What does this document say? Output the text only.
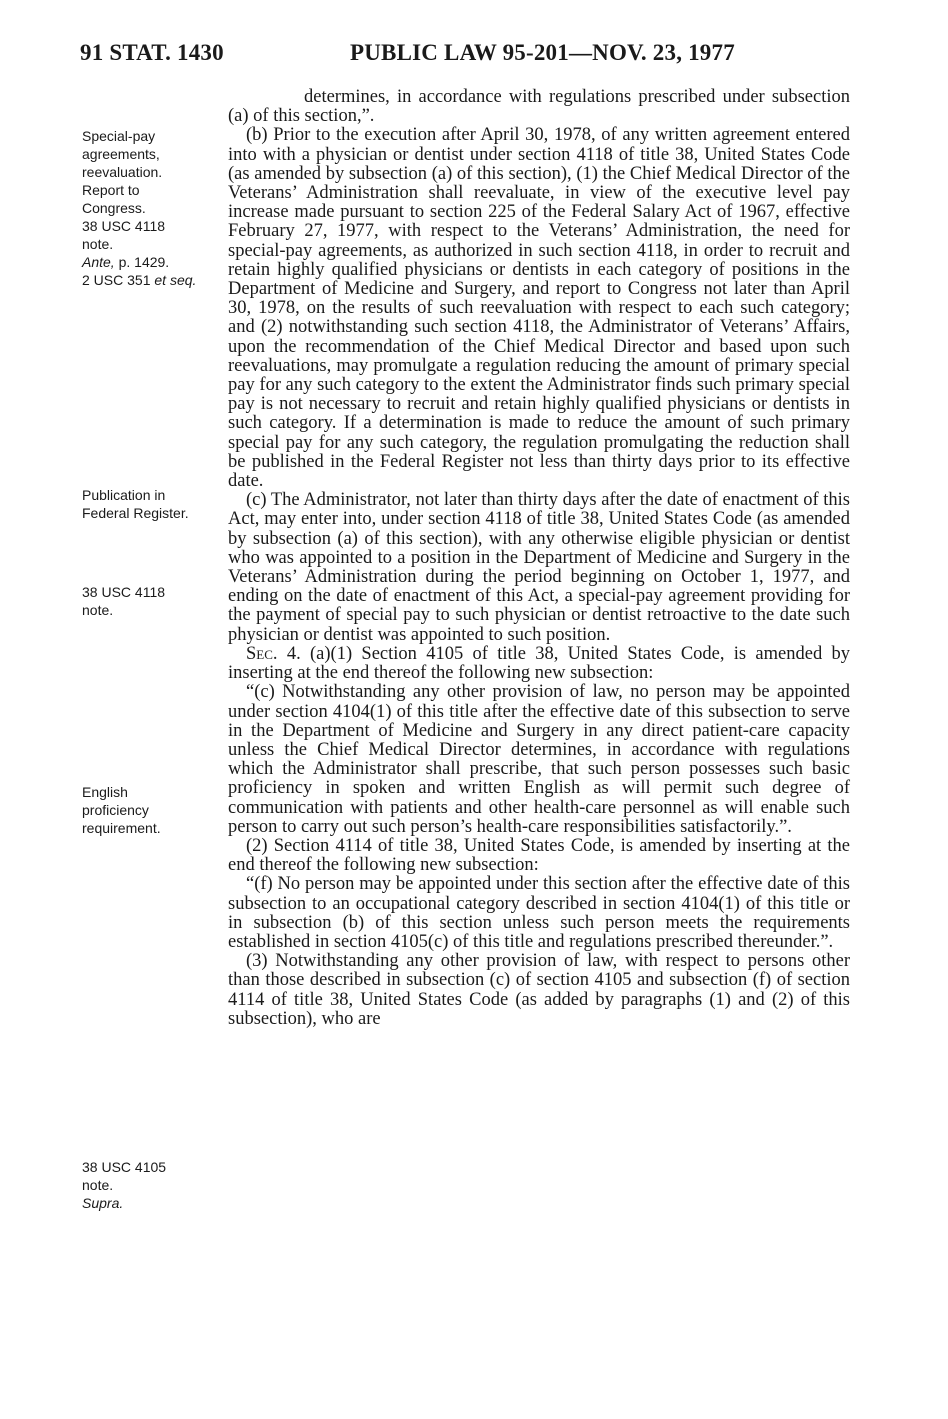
91 STAT. 1430	PUBLIC LAW 95-201—NOV. 23, 1977
Special-pay
agreements,
reevaluation.
Report to
Congress.
38 USC 4118
note.
Ante, p. 1429.
2 USC 351 et seq.
Publication in
Federal Register.
38 USC 4118
note.
English
proficiency
requirement.
38 USC 4105
note.
Supra.

determines, in accordance with regulations prescribed under subsection (a) of this section,”.

(b) Prior to the execution after April 30, 1978, of any written agreement entered into with a physician or dentist under section 4118 of title 38, United States Code (as amended by subsection (a) of this section), (1) the Chief Medical Director of the Veterans’ Administration shall reevaluate, in view of the executive level pay increase made pursuant to section 225 of the Federal Salary Act of 1967, effective February 27, 1977, with respect to the Veterans’ Administration, the need for special-pay agreements, as authorized in such section 4118, in order to recruit and retain highly qualified physicians or dentists in each category of positions in the Department of Medicine and Surgery, and report to Congress not later than April 30, 1978, on the results of such reevaluation with respect to each such category; and (2) notwithstanding such section 4118, the Administrator of Veterans’ Affairs, upon the recommendation of the Chief Medical Director and based upon such reevaluations, may promulgate a regulation reducing the amount of primary special pay for any such category to the extent the Administrator finds such primary special pay is not necessary to recruit and retain highly qualified physicians or dentists in such category. If a determination is made to reduce the amount of such primary special pay for any such category, the regulation promulgating the reduction shall be published in the Federal Register not less than thirty days prior to its effective date.

(c) The Administrator, not later than thirty days after the date of enactment of this Act, may enter into, under section 4118 of title 38, United States Code (as amended by subsection (a) of this section), with any otherwise eligible physician or dentist who was appointed to a position in the Department of Medicine and Surgery in the Veterans’ Administration during the period beginning on October 1, 1977, and ending on the date of enactment of this Act, a special-pay agreement providing for the payment of special pay to such physician or dentist retroactive to the date such physician or dentist was appointed to such position.

Sec. 4. (a)(1) Section 4105 of title 38, United States Code, is amended by inserting at the end thereof the following new subsection:

“(c) Notwithstanding any other provision of law, no person may be appointed under section 4104(1) of this title after the effective date of this subsection to serve in the Department of Medicine and Surgery in any direct patient-care capacity unless the Chief Medical Director determines, in accordance with regulations which the Administrator shall prescribe, that such person possesses such basic proficiency in spoken and written English as will permit such degree of communication with patients and other health-care personnel as will enable such person to carry out such person’s health-care responsibilities satisfactorily.”.

(2) Section 4114 of title 38, United States Code, is amended by inserting at the end thereof the following new subsection:

“(f) No person may be appointed under this section after the effective date of this subsection to an occupational category described in section 4104(1) of this title or in subsection (b) of this section unless such person meets the requirements established in section 4105(c) of this title and regulations prescribed thereunder.”.

(3) Notwithstanding any other provision of law, with respect to persons other than those described in subsection (c) of section 4105 and subsection (f) of section 4114 of title 38, United States Code (as added by paragraphs (1) and (2) of this subsection), who are
